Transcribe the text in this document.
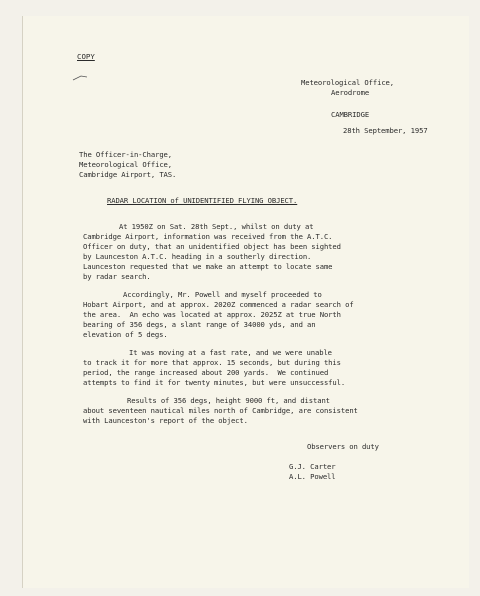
COPY
Meteorological Office,
Aerodrome
CAMBRIDGE
28th September, 1957
The Officer-in-Charge,
Meteorological Office,
Cambridge Airport, TAS.
RADAR LOCATION of UNIDENTIFIED FLYING OBJECT.
At 1950Z on Sat. 28th Sept., whilst on duty at
Cambridge Airport, information was received from the A.T.C.
Officer on duty, that an unidentified object has been sighted
by Launceston A.T.C. heading in a southerly direction.
Launceston requested that we make an attempt to locate same
by radar search.
Accordingly, Mr. Powell and myself proceeded to
Hobart Airport, and at approx. 2020Z commenced a radar search of
the area.  An echo was located at approx. 2025Z at true North
bearing of 356 degs, a slant range of 34000 yds, and an
elevation of 5 degs.
It was moving at a fast rate, and we were unable
to track it for more that approx. 15 seconds, but during this
period, the range increased about 200 yards.  We continued
attempts to find it for twenty minutes, but were unsuccessful.
Results of 356 degs, height 9000 ft, and distant
about seventeen nautical miles north of Cambridge, are consistent
with Launceston's report of the object.
Observers on duty
G.J. Carter
A.L. Powell
